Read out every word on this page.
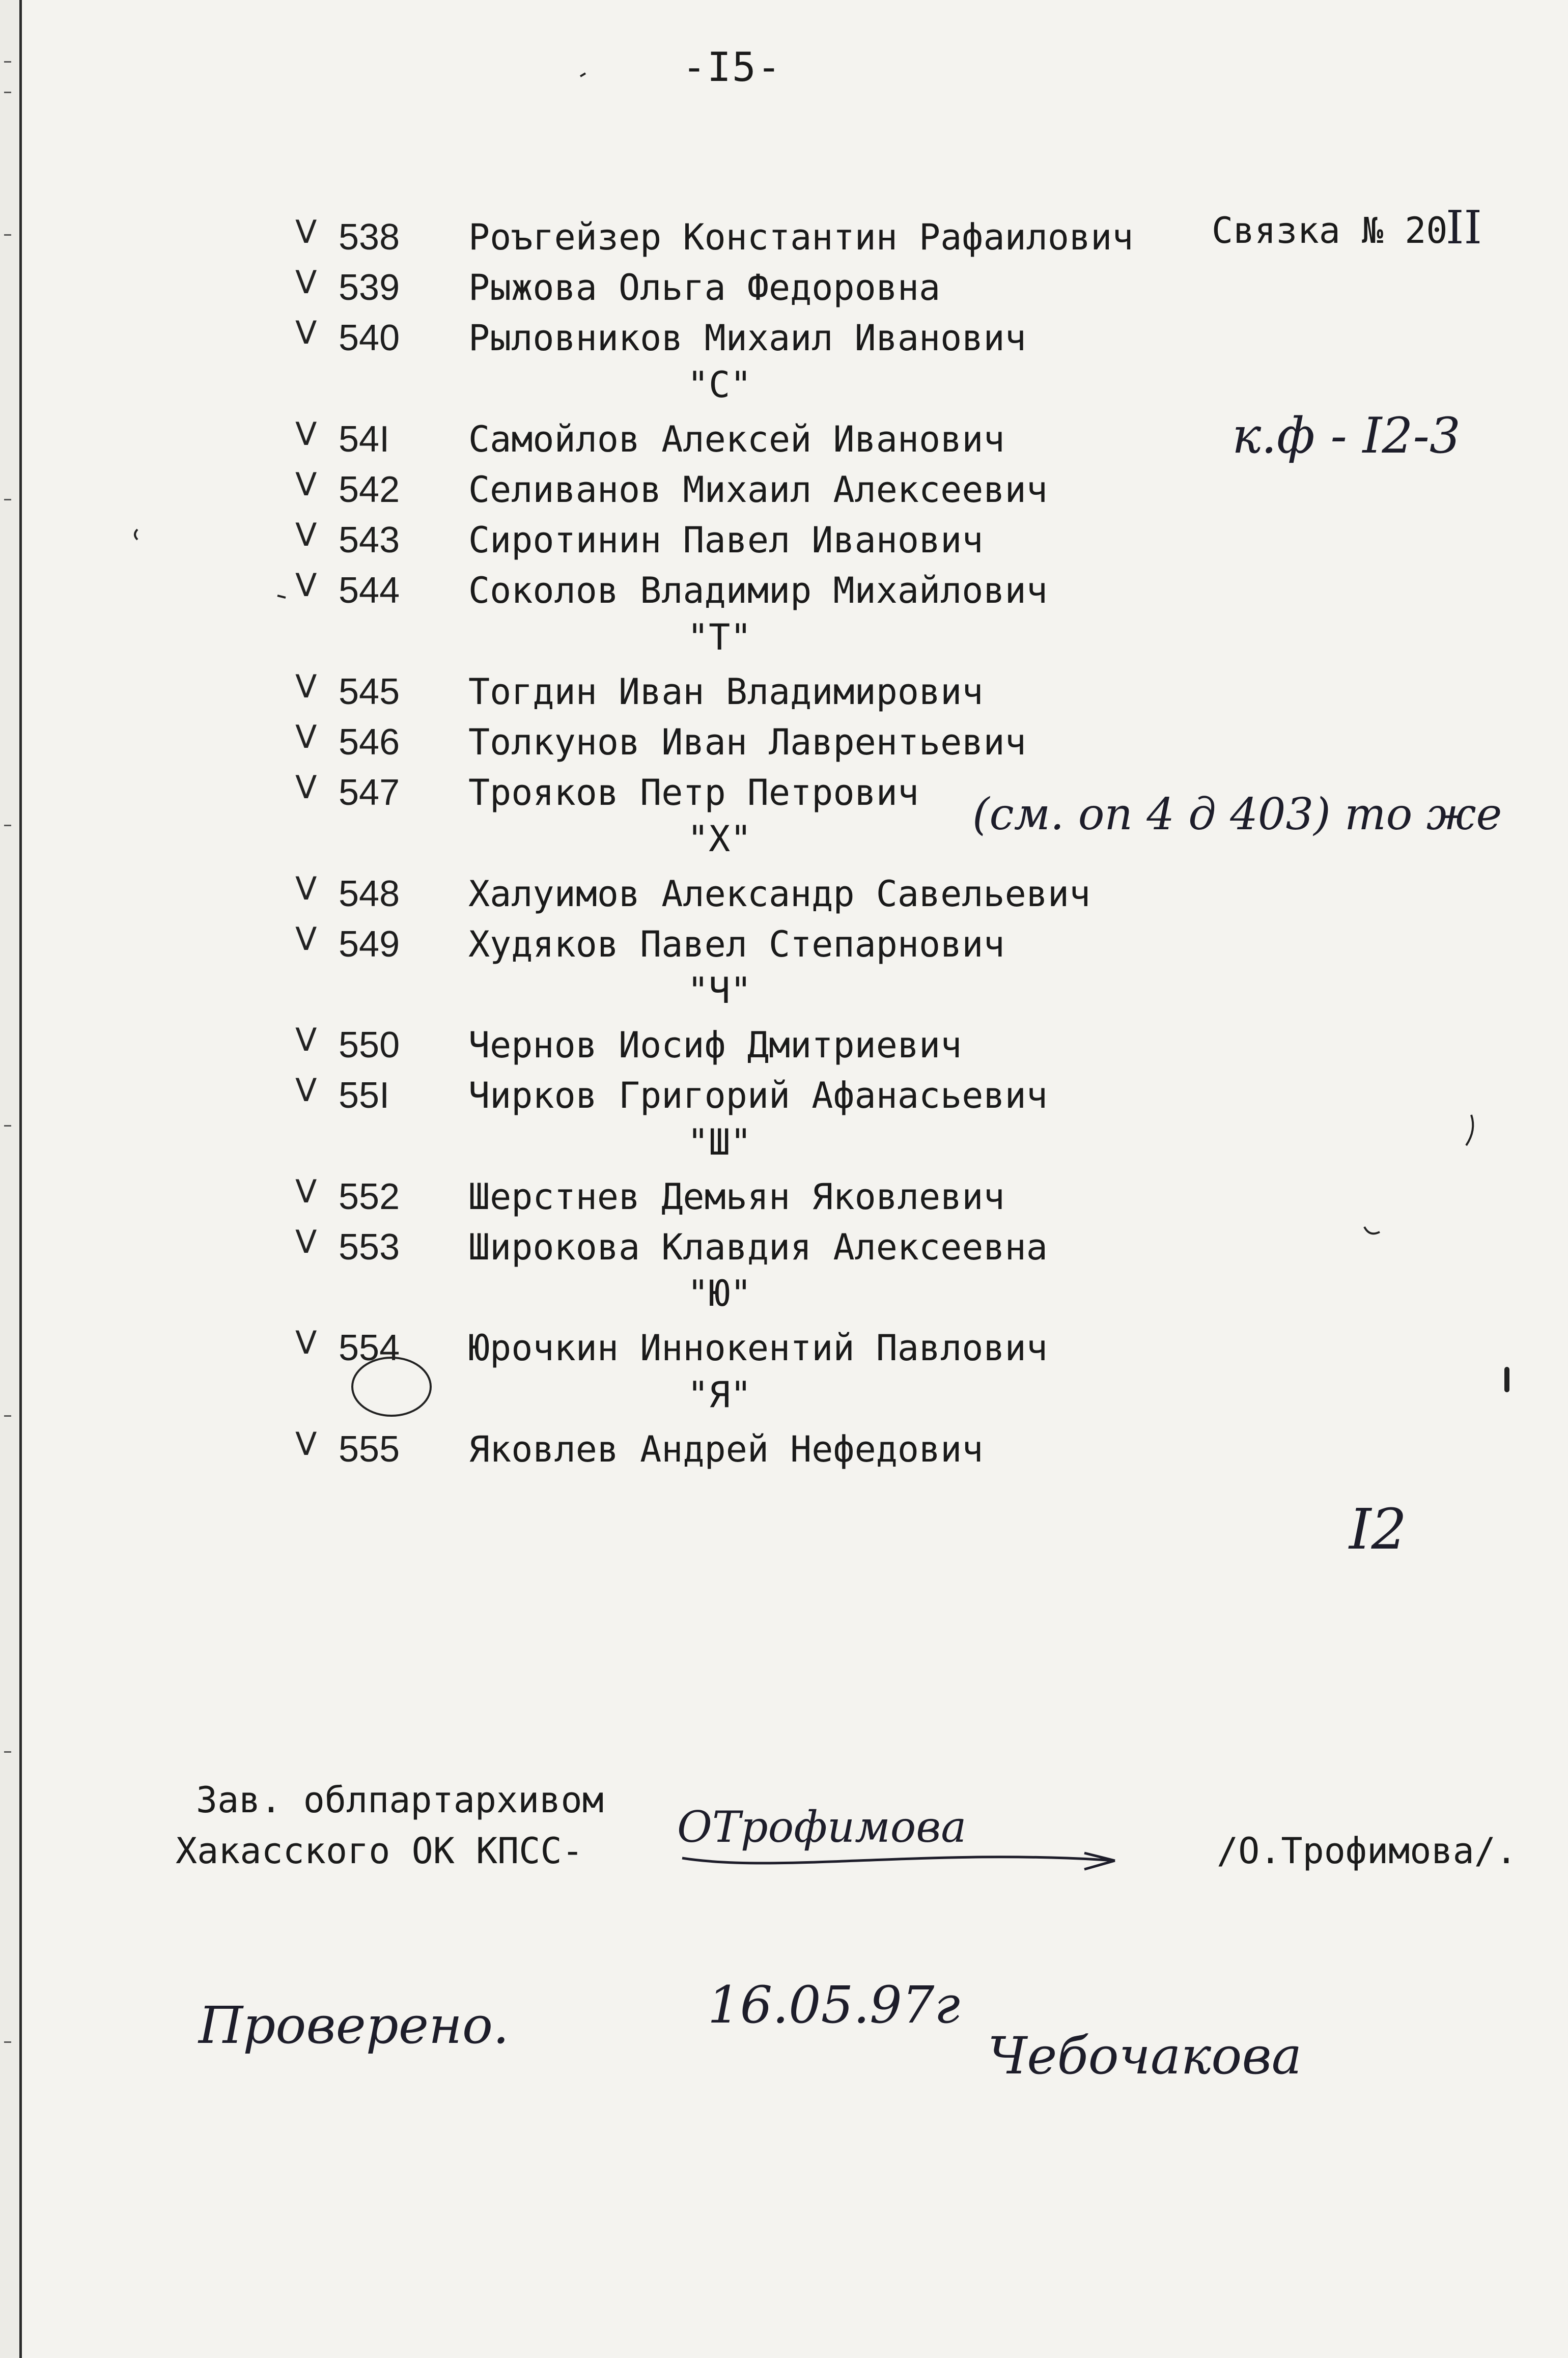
-I5-
V 538 Роъгейзер Константин Рафаилович
V 539 Рыжова Ольга Федоровна
V 540 Рыловников Михаил Иванович
"С"
V 54I Самойлов Алексей Иванович
V 542 Селиванов Михаил Алексеевич
V 543 Сиротинин Павел Иванович
V 544 Соколов Владимир Михайлович
"Т"
V 545 Тогдин Иван Владимирович
V 546 Толкунов Иван Лаврентьевич
V 547 Трояков Петр Петрович
"Х"
V 548 Халуимов Александр Савельевич
V 549 Худяков Павел Степарнович
"Ч"
V 550 Чернов Иосиф Дмитриевич
V 55I Чирков Григорий Афанасьевич
"Ш"
V 552 Шерстнев Демьян Яковлевич
V 553 Широкова Клавдия Алексеевна
"Ю"
V 554 Юрочкин Иннокентий Павлович
"Я"
V 555 Яковлев Андрей Нефедович
Связка № 20
II
к.ф - I2-3
(см. оп 4 д 403) то же
I2
Зав. облпартархивом
Хакасского ОК КПСС- ОТрофимова	/О.Трофимова/.
Проверено.	16.05.97г
Чебочакова
